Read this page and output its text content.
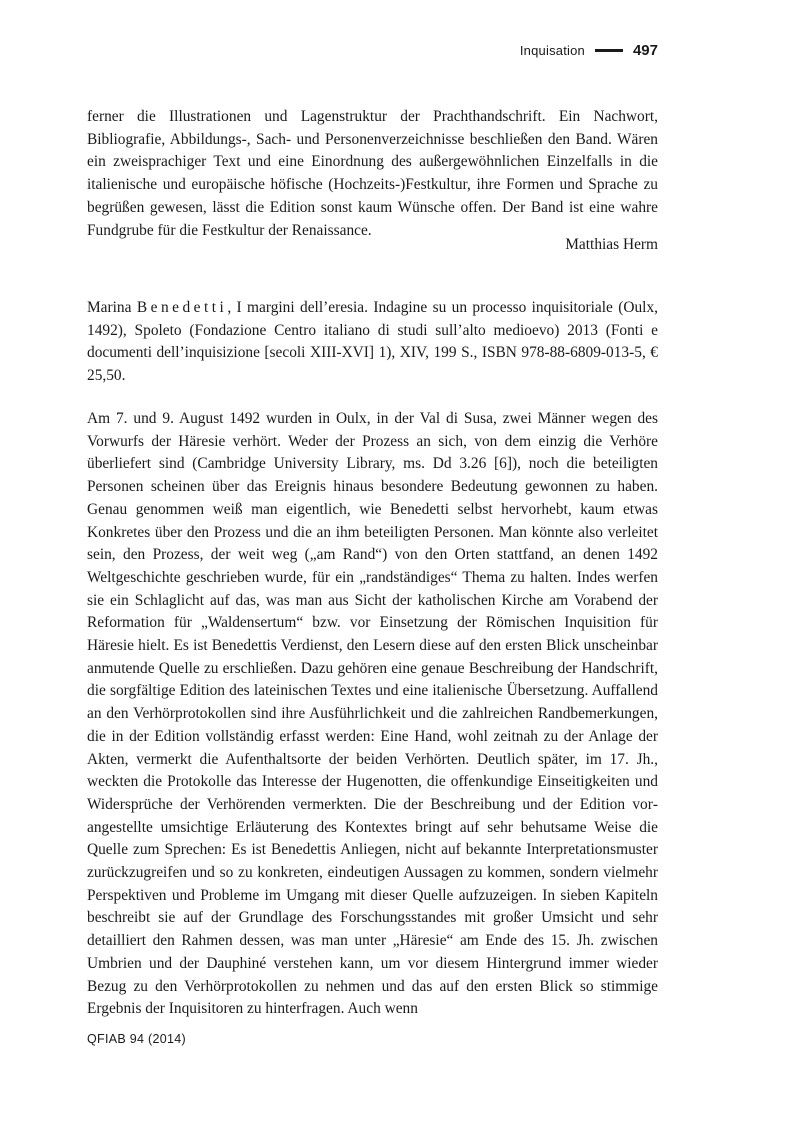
Inquisation	497

ferner die Illustrationen und Lagenstruktur der Prachthandschrift. Ein Nachwort, Bibliografie, Abbildungs-, Sach- und Personenverzeichnisse beschließen den Band. Wären ein zweisprachiger Text und eine Einordnung des außergewöhnlichen Einzelfalls in die italienische und europäische höfische (Hochzeits-)Festkultur, ihre Formen und Sprache zu begrüßen gewesen, lässt die Edition sonst kaum Wünsche offen. Der Band ist eine wahre Fundgrube für die Festkultur der Renaissance.

Matthias Herm

Marina Benedetti, I margini dell’eresia. Indagine su un processo inquisitoriale (Oulx, 1492), Spoleto (Fondazione Centro italiano di studi sull’alto medioevo) 2013 (Fonti e documenti dell’inquisizione [secoli XIII-XVI] 1), XIV, 199 S., ISBN 978-88-6809-013-5, € 25,50.

Am 7. und 9. August 1492 wurden in Oulx, in der Val di Susa, zwei Männer wegen des Vorwurfs der Häresie verhört. Weder der Prozess an sich, von dem einzig die Verhöre überliefert sind (Cambridge University Library, ms. Dd 3.26 [6]), noch die beteiligten Personen scheinen über das Ereignis hinaus besondere Bedeutung gewonnen zu haben. Genau genommen weiß man eigentlich, wie Benedetti selbst hervorhebt, kaum etwas Konkretes über den Prozess und die an ihm beteiligten Personen. Man könnte also verleitet sein, den Prozess, der weit weg („am Rand“) von den Orten stattfand, an denen 1492 Weltgeschichte geschrieben wurde, für ein „randständiges“ Thema zu halten. Indes werfen sie ein Schlaglicht auf das, was man aus Sicht der katholischen Kirche am Vorabend der Reformation für „Waldensertum“ bzw. vor Einsetzung der Römischen Inquisition für Häresie hielt. Es ist Benedettis Verdienst, den Lesern diese auf den ersten Blick unscheinbar anmutende Quelle zu erschließen. Dazu gehören eine genaue Beschreibung der Handschrift, die sorgfältige Edition des lateinischen Textes und eine italienische Übersetzung. Auffallend an den Verhörprotokollen sind ihre Ausführlichkeit und die zahlreichen Randbemerkungen, die in der Edition vollständig erfasst werden: Eine Hand, wohl zeitnah zu der Anlage der Akten, vermerkt die Aufenthaltsorte der beiden Verhörten. Deutlich später, im 17. Jh., weckten die Protokolle das Interesse der Hugenotten, die offenkundige Einseitigkeiten und Widersprüche der Verhörenden vermerkten. Die der Beschreibung und der Edition vorangestellte umsichtige Erläuterung des Kontextes bringt auf sehr behutsame Weise die Quelle zum Sprechen: Es ist Benedettis Anliegen, nicht auf bekannte Interpretationsmuster zurückzugreifen und so zu konkreten, eindeutigen Aussagen zu kommen, sondern vielmehr Perspektiven und Probleme im Umgang mit dieser Quelle aufzuzeigen. In sieben Kapiteln beschreibt sie auf der Grundlage des Forschungsstandes mit großer Umsicht und sehr detailliert den Rahmen dessen, was man unter „Häresie“ am Ende des 15. Jh. zwischen Umbrien und der Dauphiné verstehen kann, um vor diesem Hintergrund immer wieder Bezug zu den Verhörprotokollen zu nehmen und das auf den ersten Blick so stimmige Ergebnis der Inquisitoren zu hinterfragen. Auch wenn

QFIAB 94 (2014)
